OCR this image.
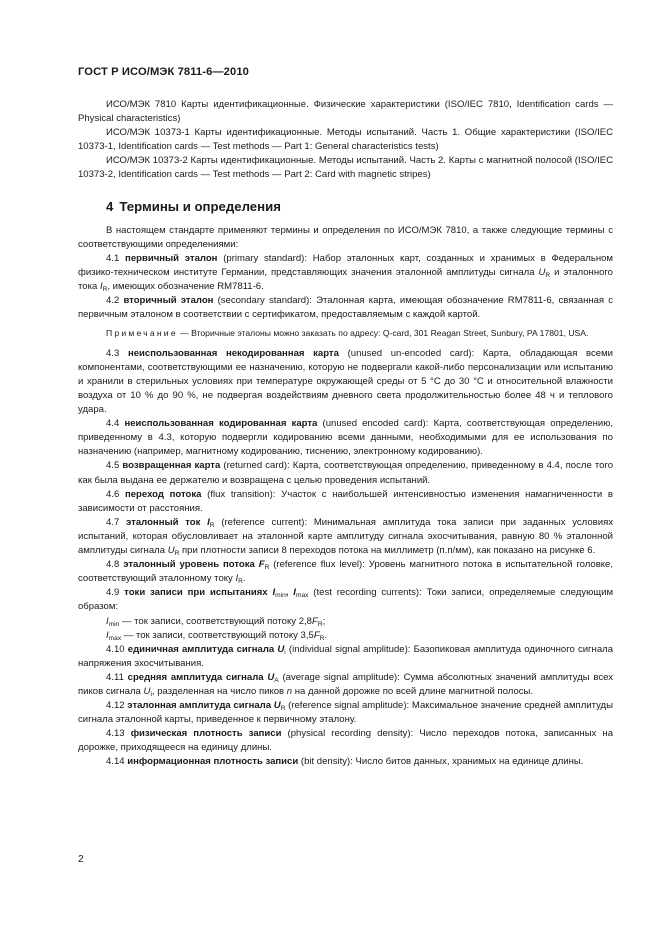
ГОСТ Р ИСО/МЭК 7811-6—2010

ИСО/МЭК 7810 Карты идентификационные. Физические характеристики (ISO/IEC 7810, Identification cards — Physical characteristics)

ИСО/МЭК 10373-1 Карты идентификационные. Методы испытаний. Часть 1. Общие характеристики (ISO/IEC 10373-1, Identification cards — Test methods — Part 1: General characteristics tests)

ИСО/МЭК 10373-2 Карты идентификационные. Методы испытаний. Часть 2. Карты с магнитной полосой (ISO/IEC 10373-2, Identification cards — Test methods — Part 2: Card with magnetic stripes)

4 Термины и определения

В настоящем стандарте применяют термины и определения по ИСО/МЭК 7810, а также следующие термины с соответствующими определениями:

4.1 первичный эталон (primary standard): Набор эталонных карт, созданных и хранимых в Федеральном физико-техническом институте Германии, представляющих значения эталонной амплитуды сигнала $U_R$ и эталонного тока $I_R$, имеющих обозначение RM7811-6.

4.2 вторичный эталон (secondary standard): Эталонная карта, имеющая обозначение RM7811-6, связанная с первичным эталоном в соответствии с сертификатом, предоставляемым с каждой картой.

Примечание — Вторичные эталоны можно заказать по адресу: Q-card, 301 Reagan Street, Sunbury, PA 17801, USA.

4.3 неиспользованная некодированная карта (unused un-encoded card): Карта, обладающая всеми компонентами, соответствующими ее назначению, которую не подвергали какой-либо персонализации или испытанию и хранили в стерильных условиях при температуре окружающей среды от 5 °С до 30 °С и относительной влажности воздуха от 10 % до 90 %, не подвергая воздействиям дневного света продолжительностью более 48 ч и теплового удара.

4.4 неиспользованная кодированная карта (unused encoded card): Карта, соответствующая определению, приведенному в 4.3, которую подвергли кодированию всеми данными, необходимыми для ее использования по назначению (например, магнитному кодированию, тиснению, электронному кодированию).

4.5 возвращенная карта (returned card): Карта, соответствующая определению, приведенному в 4.4, после того как была выдана ее держателю и возвращена с целью проведения испытаний.

4.6 переход потока (flux transition): Участок с наибольшей интенсивностью изменения намагниченности в зависимости от расстояния.

4.7 эталонный ток $I_R$ (reference current): Минимальная амплитуда тока записи при заданных условиях испытаний, которая обусловливает на эталонной карте амплитуду сигнала эхосчитывания, равную 80 % эталонной амплитуды сигнала $U_R$ при плотности записи 8 переходов потока на миллиметр (п.п/мм), как показано на рисунке 6.

4.8 эталонный уровень потока $F_R$ (reference flux level): Уровень магнитного потока в испытательной головке, соответствующий эталонному току $I_R$.

4.9 токи записи при испытаниях $I_{min}$, $I_{max}$ (test recording currents): Токи записи, определяемые следующим образом:

$I_{min}$ — ток записи, соответствующий потоку $2,8F_R$;

$I_{max}$ — ток записи, соответствующий потоку $3,5F_R$.

4.10 единичная амплитуда сигнала $U_i$ (individual signal amplitude): Базопиковая амплитуда одиночного сигнала напряжения эхосчитывания.

4.11 средняя амплитуда сигнала $U_A$ (average signal amplitude): Сумма абсолютных значений амплитуды всех пиков сигнала $U_i$, разделенная на число пиков n на данной дорожке по всей длине магнитной полосы.

4.12 эталонная амплитуда сигнала $U_R$ (reference signal amplitude): Максимальное значение средней амплитуды сигнала эталонной карты, приведенное к первичному эталону.

4.13 физическая плотность записи (physical recording density): Число переходов потока, записанных на дорожке, приходящееся на единицу длины.

4.14 информационная плотность записи (bit density): Число битов данных, хранимых на единице длины.

2
